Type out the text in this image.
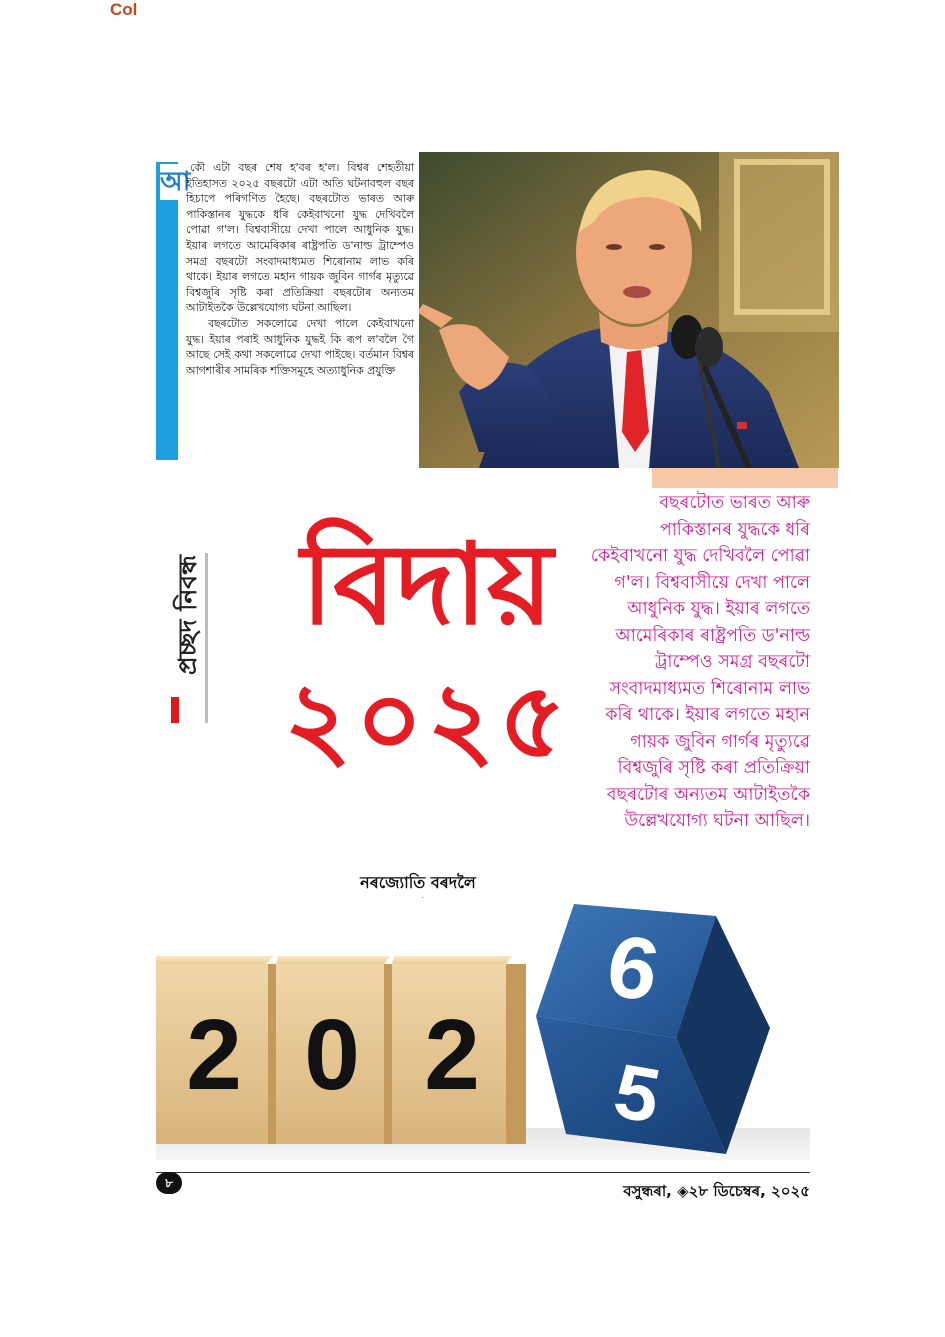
Col
আ কৌ এটা বছৰ শেষ হ'বৰ হ'ল। বিশ্বৰ শেহতীয়া ইতিহাসত ২০২৫ বছৰটো এটা অতি ঘটনাবহুল বছৰ হিচাপে পৰিগণিত হৈছে। বছৰটোত ভাৰত আৰু পাকিস্তানৰ যুদ্ধকে ধৰি কেইবাখনো যুদ্ধ দেখিবলৈ পোৱা গ'ল। বিশ্ববাসীয়ে দেখা পালে আধুনিক যুদ্ধ। ইয়াৰ লগতে আমেৰিকাৰ ৰাষ্ট্ৰপতি ড'নাল্ড ট্ৰাম্পেও সমগ্ৰ বছৰটো সংবাদমাধ্যমত শিৰোনাম লাভ কৰি থাকে। ইয়াৰ লগতে মহান গায়ক জুবিন গাৰ্গৰ মৃত্যুৱে বিশ্বজুৰি সৃষ্টি কৰা প্ৰতিক্ৰিয়া বছৰটোৰ অন্যতম আটাইতকৈ উল্লেখযোগ্য ঘটনা আছিল।

বছৰটোত সকলোৱে দেখা পালে কেইবাখনো যুদ্ধ। ইয়াৰ পৰাই আধুনিক যুদ্ধই কি ৰূপ ল'বলৈ গৈ আছে সেই কথা সকলোৱে দেখা পাইছে। বৰ্তমান বিশ্বৰ আগশাৰীৰ সামৰিক শক্তিসমূহে অত্যাধুনিক প্ৰযুক্তি

প্ৰচ্ছদ নিবন্ধ বিদায়
২০২৫
বছৰটোত ভাৰত আৰু পাকিস্তানৰ যুদ্ধকে ধৰি কেইবাখনো যুদ্ধ দেখিবলৈ পোৱা গ'ল। বিশ্ববাসীয়ে দেখা পালে আধুনিক যুদ্ধ। ইয়াৰ লগতে আমেৰিকাৰ ৰাষ্ট্ৰপতি ড'নাল্ড ট্ৰাম্পেও সমগ্ৰ বছৰটো সংবাদমাধ্যমত শিৰোনাম লাভ কৰি থাকে। ইয়াৰ লগতে মহান গায়ক জুবিন গাৰ্গৰ মৃত্যুৱে বিশ্বজুৰি সৃষ্টি কৰা প্ৰতিক্ৰিয়া বছৰটোৰ অন্যতম আটাইতকৈ উল্লেখযোগ্য ঘটনা আছিল।
নৰজ্যোতি বৰদলৈ
2 0 2
6
5
৮	বসুন্ধৰা, ◈২৮ ডিচেম্বৰ, ২০২৫
